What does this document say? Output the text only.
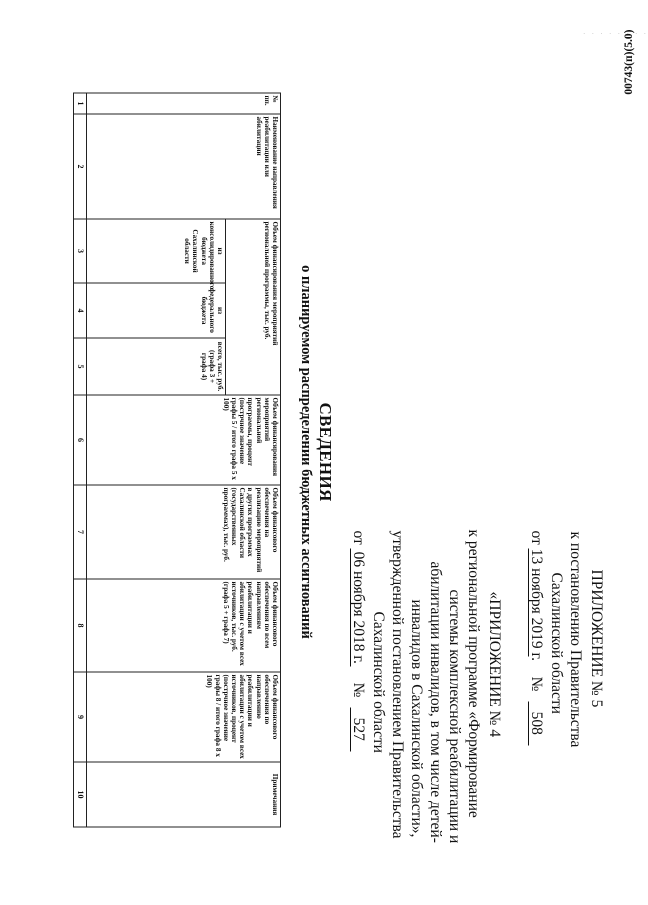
ПРИЛОЖЕНИЕ № 5
к постановлению Правительства
Сахалинской области
от 13 ноября 2019 г. № 508
«ПРИЛОЖЕНИЕ № 4
к региональной программе «Формирование
системы комплексной реабилитации и
абилитации инвалидов, в том числе детей-
инвалидов в Сахалинской области»,
утвержденной постановлением Правительства
Сахалинской области
от 06 ноября 2018 г. № 527
СВЕДЕНИЯ
о планируемом распределении бюджетных ассигнований
№ пп.	Наименование направления реабилитации или абилитации	Объем финансирования мероприятий региональной программы, тыс. руб.			Объем финансирования мероприятий региональной программы, процент (пострчное значение графы 5 / итого графа 5 х 100)	Объем финансового обеспечения на реализацию мероприятий в других программах Сахалинской области (государственных программах), тыс. руб.	Объем финансового обеспечения по всем направлениям реабилитации и абилитации с учетом всех источников, тыс. руб. (графа 5 + графа 7)	Объем финансового обеспечения по направлению реабилитации и абилитации с учетом всех источников, процент (пострчное значение графы 8 / итого графа 8 х 100)	Примечания
		из консолидированного бюджета Сахалинской области	из федерального бюджета	всего, тыс. руб. (графа 3 + графа 4)					
1	2	3	4	5	6	7	8	9	10
00743(п)(5.0)
· · · · · · · ·
